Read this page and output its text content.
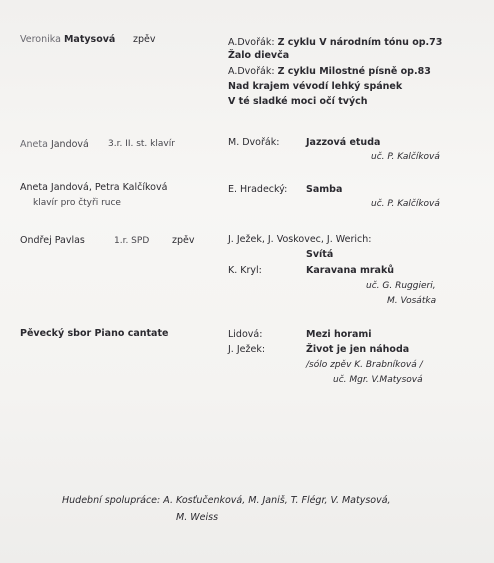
Veronika Matysová zpěv	A.Dvořák: Z cyklu V národním tónu op.73
Žalo dievča
A.Dvořák: Z cyklu Milostné písně op.83
Nad krajem vévodí lehký spánek
V té sladké moci očí tvých
Aneta Jandová 3.r. II. st. klavír	M. Dvořák:	Jazzová etuda
uč. P. Kalčíková
Aneta Jandová, Petra Kalčíková
klavír pro čtyři ruce
E. Hradecký: Samba
uč. P. Kalčíková
Ondřej Pavlas	1.r. SPD zpěv	J. Ježek, J. Voskovec, J. Werich:
Svítá
K. Kryl:	Karavana mraků
uč. G. Ruggieri,
M. Vosátka
Pěvecký sbor Piano cantate	Lidová:	Mezi horami
J. Ježek:	Život je jen náhoda
/sólo zpěv K. Brabníková /
uč. Mgr. V.Matysová
Hudební spolupráce: A. Kosťučenková, M. Janiš, T. Flégr, V. Matysová,
M. Weiss
